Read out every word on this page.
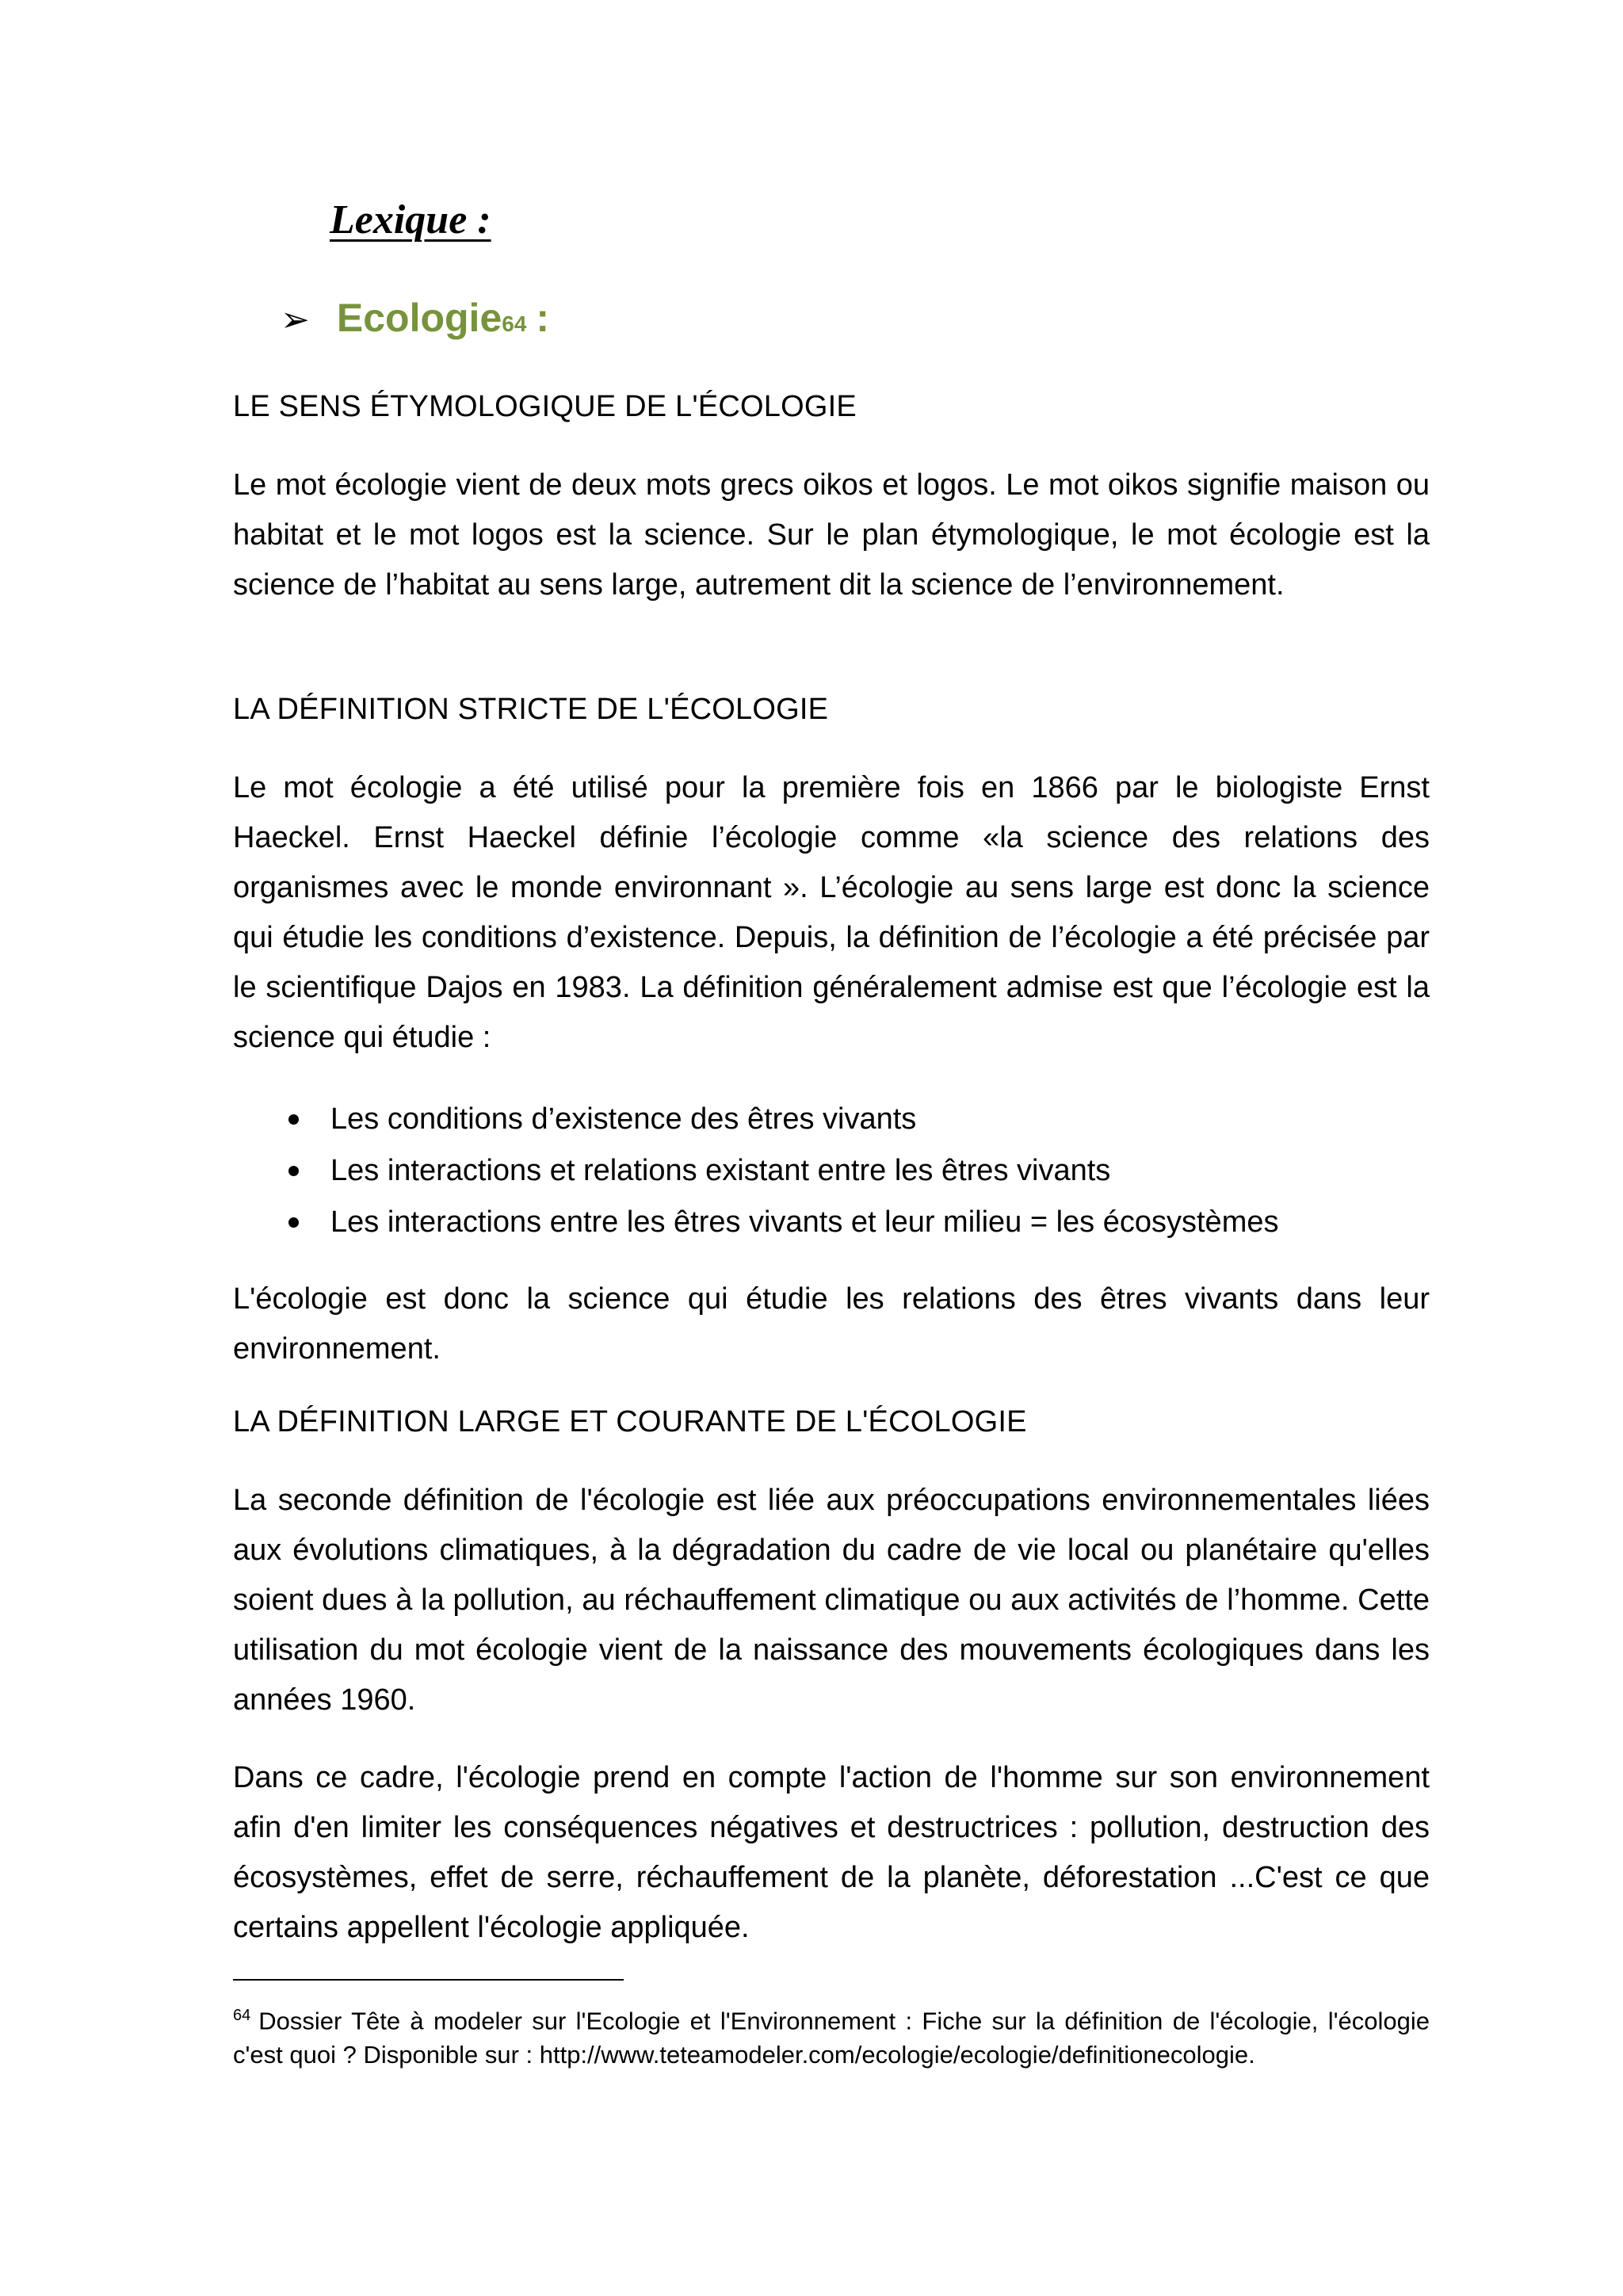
Lexique :
➢ Ecologie 64 :
LE SENS ÉTYMOLOGIQUE DE L'ÉCOLOGIE

Le mot écologie vient de deux mots grecs oikos et logos. Le mot oikos signifie maison ou habitat et le mot logos est la science. Sur le plan étymologique, le mot écologie est la science de l’habitat au sens large, autrement dit la science de l’environnement.

LA DÉFINITION STRICTE DE L'ÉCOLOGIE

Le mot écologie a été utilisé pour la première fois en 1866 par le biologiste Ernst Haeckel. Ernst Haeckel définie l’écologie comme «la science des relations des organismes avec le monde environnant ». L’écologie au sens large est donc la science qui étudie les conditions d’existence. Depuis, la définition de l’écologie a été précisée par le scientifique Dajos en 1983. La définition généralement admise est que l’écologie est la science qui étudie :

Les conditions d’existence des êtres vivants
Les interactions et relations existant entre les êtres vivants
Les interactions entre les êtres vivants et leur milieu = les écosystèmes

L'écologie est donc la science qui étudie les relations des êtres vivants dans leur environnement.

LA DÉFINITION LARGE ET COURANTE DE L'ÉCOLOGIE

La seconde définition de l'écologie est liée aux préoccupations environnementales liées aux évolutions climatiques, à la dégradation du cadre de vie local ou planétaire qu'elles soient dues à la pollution, au réchauffement climatique ou aux activités de l’homme. Cette utilisation du mot écologie vient de la naissance des mouvements écologiques dans les années 1960.

Dans ce cadre, l'écologie prend en compte l'action de l'homme sur son environnement afin d'en limiter les conséquences négatives et destructrices : pollution, destruction des écosystèmes, effet de serre, réchauffement de la planète, déforestation ...C'est ce que certains appellent l'écologie appliquée.

$^{64}$ Dossier Tête à modeler sur l'Ecologie et l'Environnement : Fiche sur la définition de l'écologie, l'écologie c'est quoi ? Disponible sur : http://www.teteamodeler.com/ecologie/ecologie/definitionecologie.
